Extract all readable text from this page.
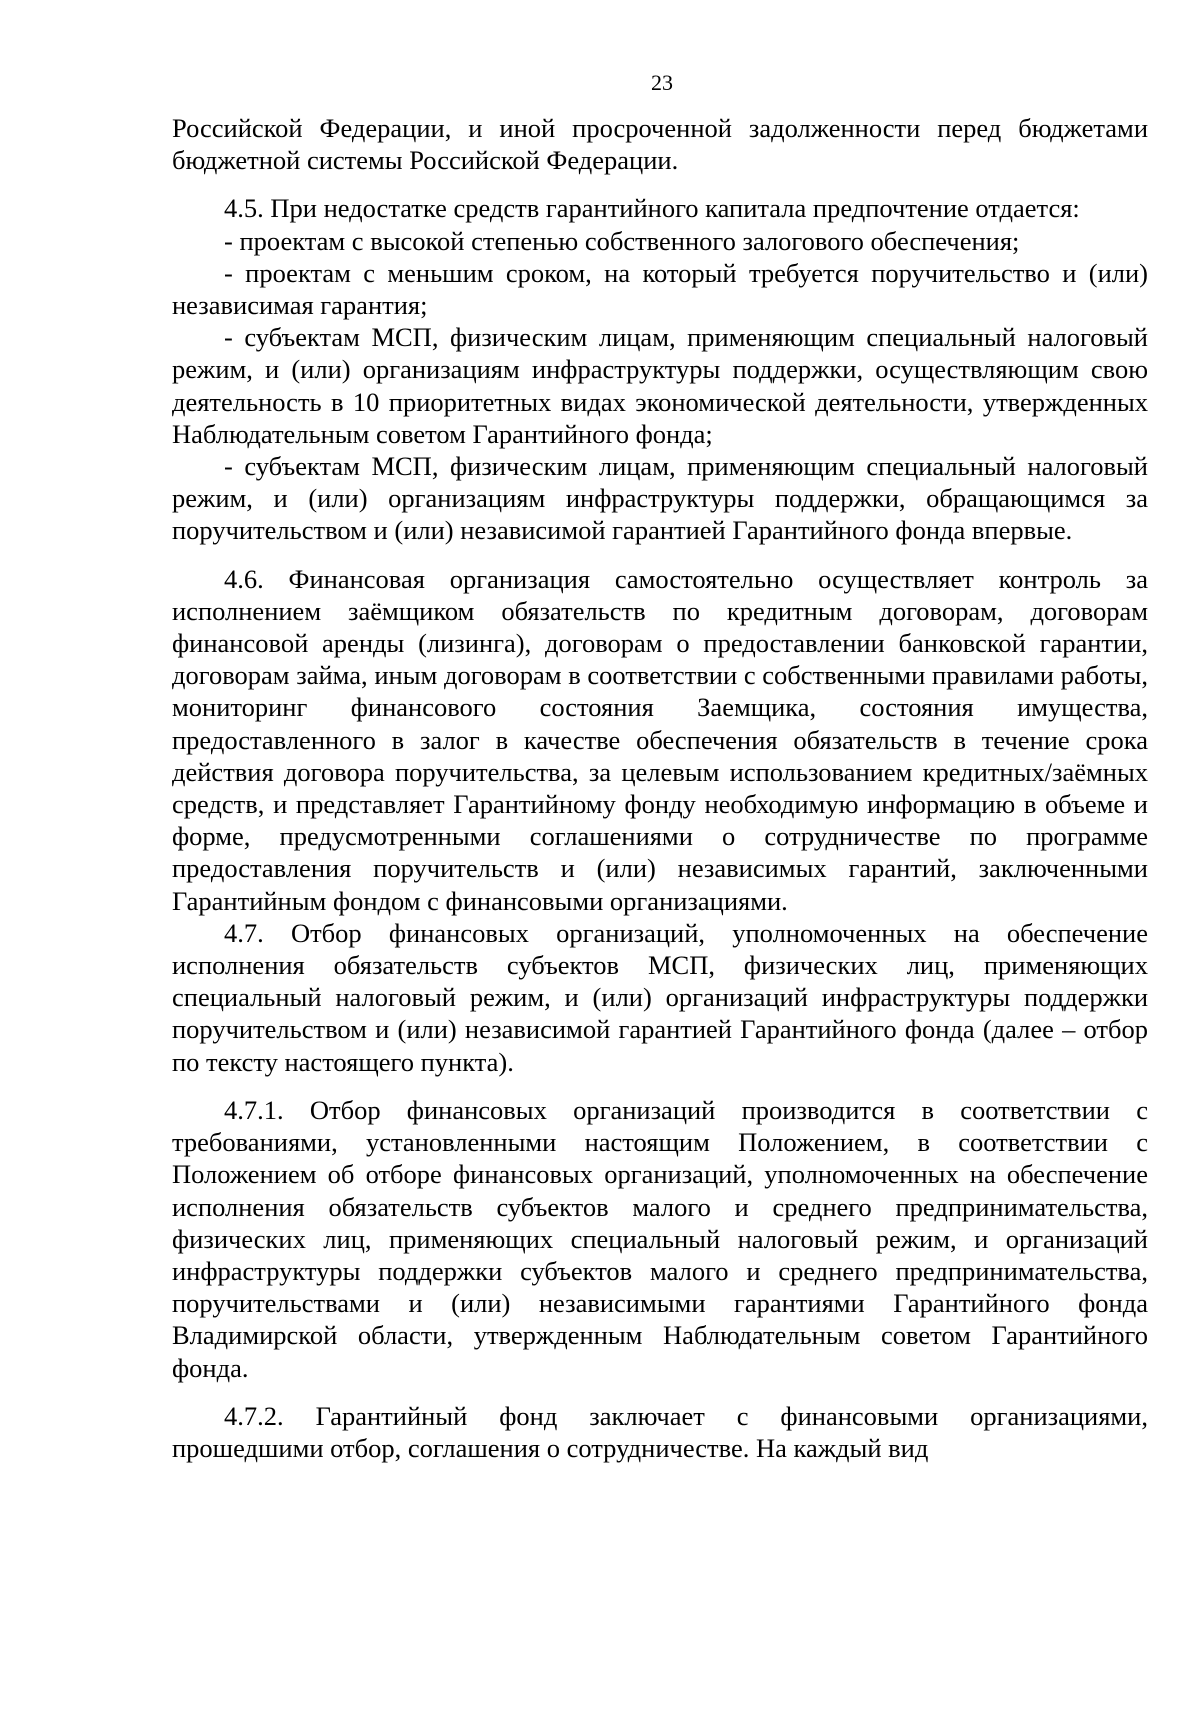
23

Российской Федерации, и иной просроченной задолженности перед бюджетами бюджетной системы Российской Федерации.

4.5. При недостатке средств гарантийного капитала предпочтение отдается:

- проектам с высокой степенью собственного залогового обеспечения;

- проектам с меньшим сроком, на который требуется поручительство и (или) независимая гарантия;

- субъектам МСП, физическим лицам, применяющим специальный налоговый режим, и (или) организациям инфраструктуры поддержки, осуществляющим свою деятельность в 10 приоритетных видах экономической деятельности, утвержденных Наблюдательным советом Гарантийного фонда;

- субъектам МСП, физическим лицам, применяющим специальный налоговый режим, и (или) организациям инфраструктуры поддержки, обращающимся за поручительством и (или) независимой гарантией Гарантийного фонда впервые.

4.6. Финансовая организация самостоятельно осуществляет контроль за исполнением заёмщиком обязательств по кредитным договорам, договорам финансовой аренды (лизинга), договорам о предоставлении банковской гарантии, договорам займа, иным договорам в соответствии с собственными правилами работы, мониторинг финансового состояния Заемщика, состояния имущества, предоставленного в залог в качестве обеспечения обязательств в течение срока действия договора поручительства, за целевым использованием кредитных/заёмных средств, и представляет Гарантийному фонду необходимую информацию в объеме и форме, предусмотренными соглашениями о сотрудничестве по программе предоставления поручительств и (или) независимых гарантий, заключенными Гарантийным фондом с финансовыми организациями.

4.7. Отбор финансовых организаций, уполномоченных на обеспечение исполнения обязательств субъектов МСП, физических лиц, применяющих специальный налоговый режим, и (или) организаций инфраструктуры поддержки поручительством и (или) независимой гарантией Гарантийного фонда (далее – отбор по тексту настоящего пункта).

4.7.1. Отбор финансовых организаций производится в соответствии с требованиями, установленными настоящим Положением, в соответствии с Положением об отборе финансовых организаций, уполномоченных на обеспечение исполнения обязательств субъектов малого и среднего предпринимательства, физических лиц, применяющих специальный налоговый режим, и организаций инфраструктуры поддержки субъектов малого и среднего предпринимательства, поручительствами и (или) независимыми гарантиями Гарантийного фонда Владимирской области, утвержденным Наблюдательным советом Гарантийного фонда.

4.7.2. Гарантийный фонд заключает с финансовыми организациями, прошедшими отбор, соглашения о сотрудничестве. На каждый вид
